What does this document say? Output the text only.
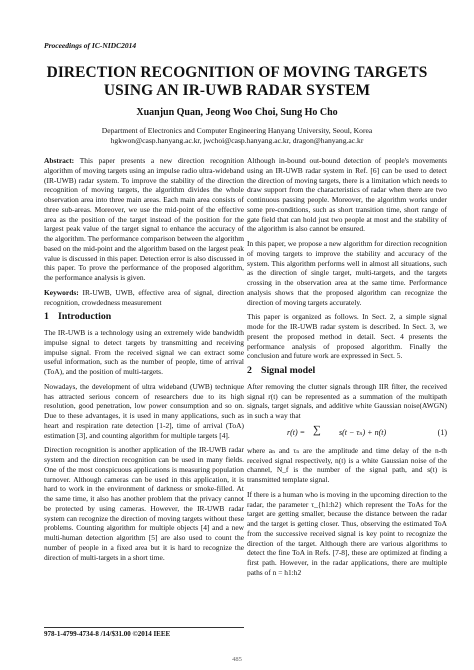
Proceedings of IC-NIDC2014
DIRECTION RECOGNITION OF MOVING TARGETS
USING AN IR-UWB RADAR SYSTEM
Xuanjun Quan, Jeong Woo Choi, Sung Ho Cho
Department of Electronics and Computer Engineering Hanyang University, Seoul, Korea
hgkwon@casp.hanyang.ac.kr, jwchoi@casp.hanyang.ac.kr, dragon@hanyang.ac.kr

Abstract: This paper presents a new direction recognition algorithm of moving targets using an impulse radio ultra-wideband (IR-UWB) radar system. To improve the stability of the direction recognition of moving targets, the algorithm divides the whole observation area into three main areas. Each main area consists of three sub-areas. Moreover, we use the mid-point of the effective area as the position of the target instead of the position for the largest peak value of the target signal to enhance the accuracy of the algorithm. The performance comparison between the algorithm based on the mid-point and the algorithm based on the largest peak value is discussed in this paper. Detection error is also discussed in this paper. To prove the performance of the proposed algorithm, the performance analysis is given.

Keywords: IR-UWB, UWB, effective area of signal, direction recognition, crowdedness measurement

1 Introduction

The IR-UWB is a technology using an extremely wide bandwidth impulse signal to detect targets by transmitting and receiving impulse signal. From the received signal we can extract some useful information, such as the number of people, time of arrival (ToA), and the position of multi-targets.

Nowadays, the development of ultra wideband (UWB) technique has attracted serious concern of researchers due to its high resolution, good penetration, low power consumption and so on. Due to these advantages, it is used in many applications, such as heart and respiration rate detection [1-2], time of arrival (ToA) estimation [3], and counting algorithm for multiple targets [4].

Direction recognition is another application of the IR-UWB radar system and the direction recognition can be used in many fields. One of the most conspicuous applications is measuring population turnover. Although cameras can be used in this application, it is hard to work in the environment of darkness or smoke-filled. At the same time, it also has another problem that the privacy cannot be protected by using cameras. However, the IR-UWB radar system can recognize the direction of moving targets without these problems. Counting algorithm for multiple objects [4] and a new multi-human detection algorithm [5] are also used to count the number of people in a fixed area but it is hard to recognize the direction of multi-targets in a short time.

Although in-bound out-bound detection of people's movements using an IR-UWB radar system in Ref. [6] can be used to detect the direction of moving targets, there is a limitation which needs to draw support from the characteristics of radar when there are two continuous passing people. Moreover, the algorithm works under some pre-conditions, such as short transition time, short range of gate field that can hold just two people at most and the stability of the algorithm is also cannot be ensured.

In this paper, we propose a new algorithm for direction recognition of moving targets to improve the stability and accuracy of the system. This algorithm performs well in almost all situations, such as the direction of single target, multi-targets, and the targets crossing in the observation area at the same time. Performance analysis shows that the proposed algorithm can recognize the direction of moving targets accurately.

This paper is organized as follows. In Sect. 2, a simple signal mode for the IR-UWB radar system is described. In Sect. 3, we present the proposed method in detail. Sect. 4 presents the performance analysis of proposed algorithm. Finally the conclusion and future work are expressed in Sect. 5.

2 Signal model

After removing the clutter signals through IIR filter, the received signal r(t) can be represented as a summation of the multipath signals, target signals, and additive white Gaussian noise(AWGN) in such a way that

r(t) = ∑ s(t − τₙ) + n(t)	(1)

where aₙ and τₙ are the amplitude and time delay of the n-th received signal respectively, n(t) is a white Gaussian noise of the channel, N_f is the number of the signal path, and s(t) is transmitted template signal.

If there is a human who is moving in the upcoming direction to the radar, the parameter τ_{h1:h2} which represent the ToAs for the target are getting smaller, because the distance between the radar and the target is getting closer. Thus, observing the estimated ToA from the successive received signal is key point to recognize the direction of the target. Although there are various algorithms to detect the fine ToA in Refs. [7-8], these are optimized at finding a first path. However, in the radar applications, there are multiple paths of n = h1:h2

978-1-4799-4734-8 /14/$31.00 ©2014 IEEE
485
